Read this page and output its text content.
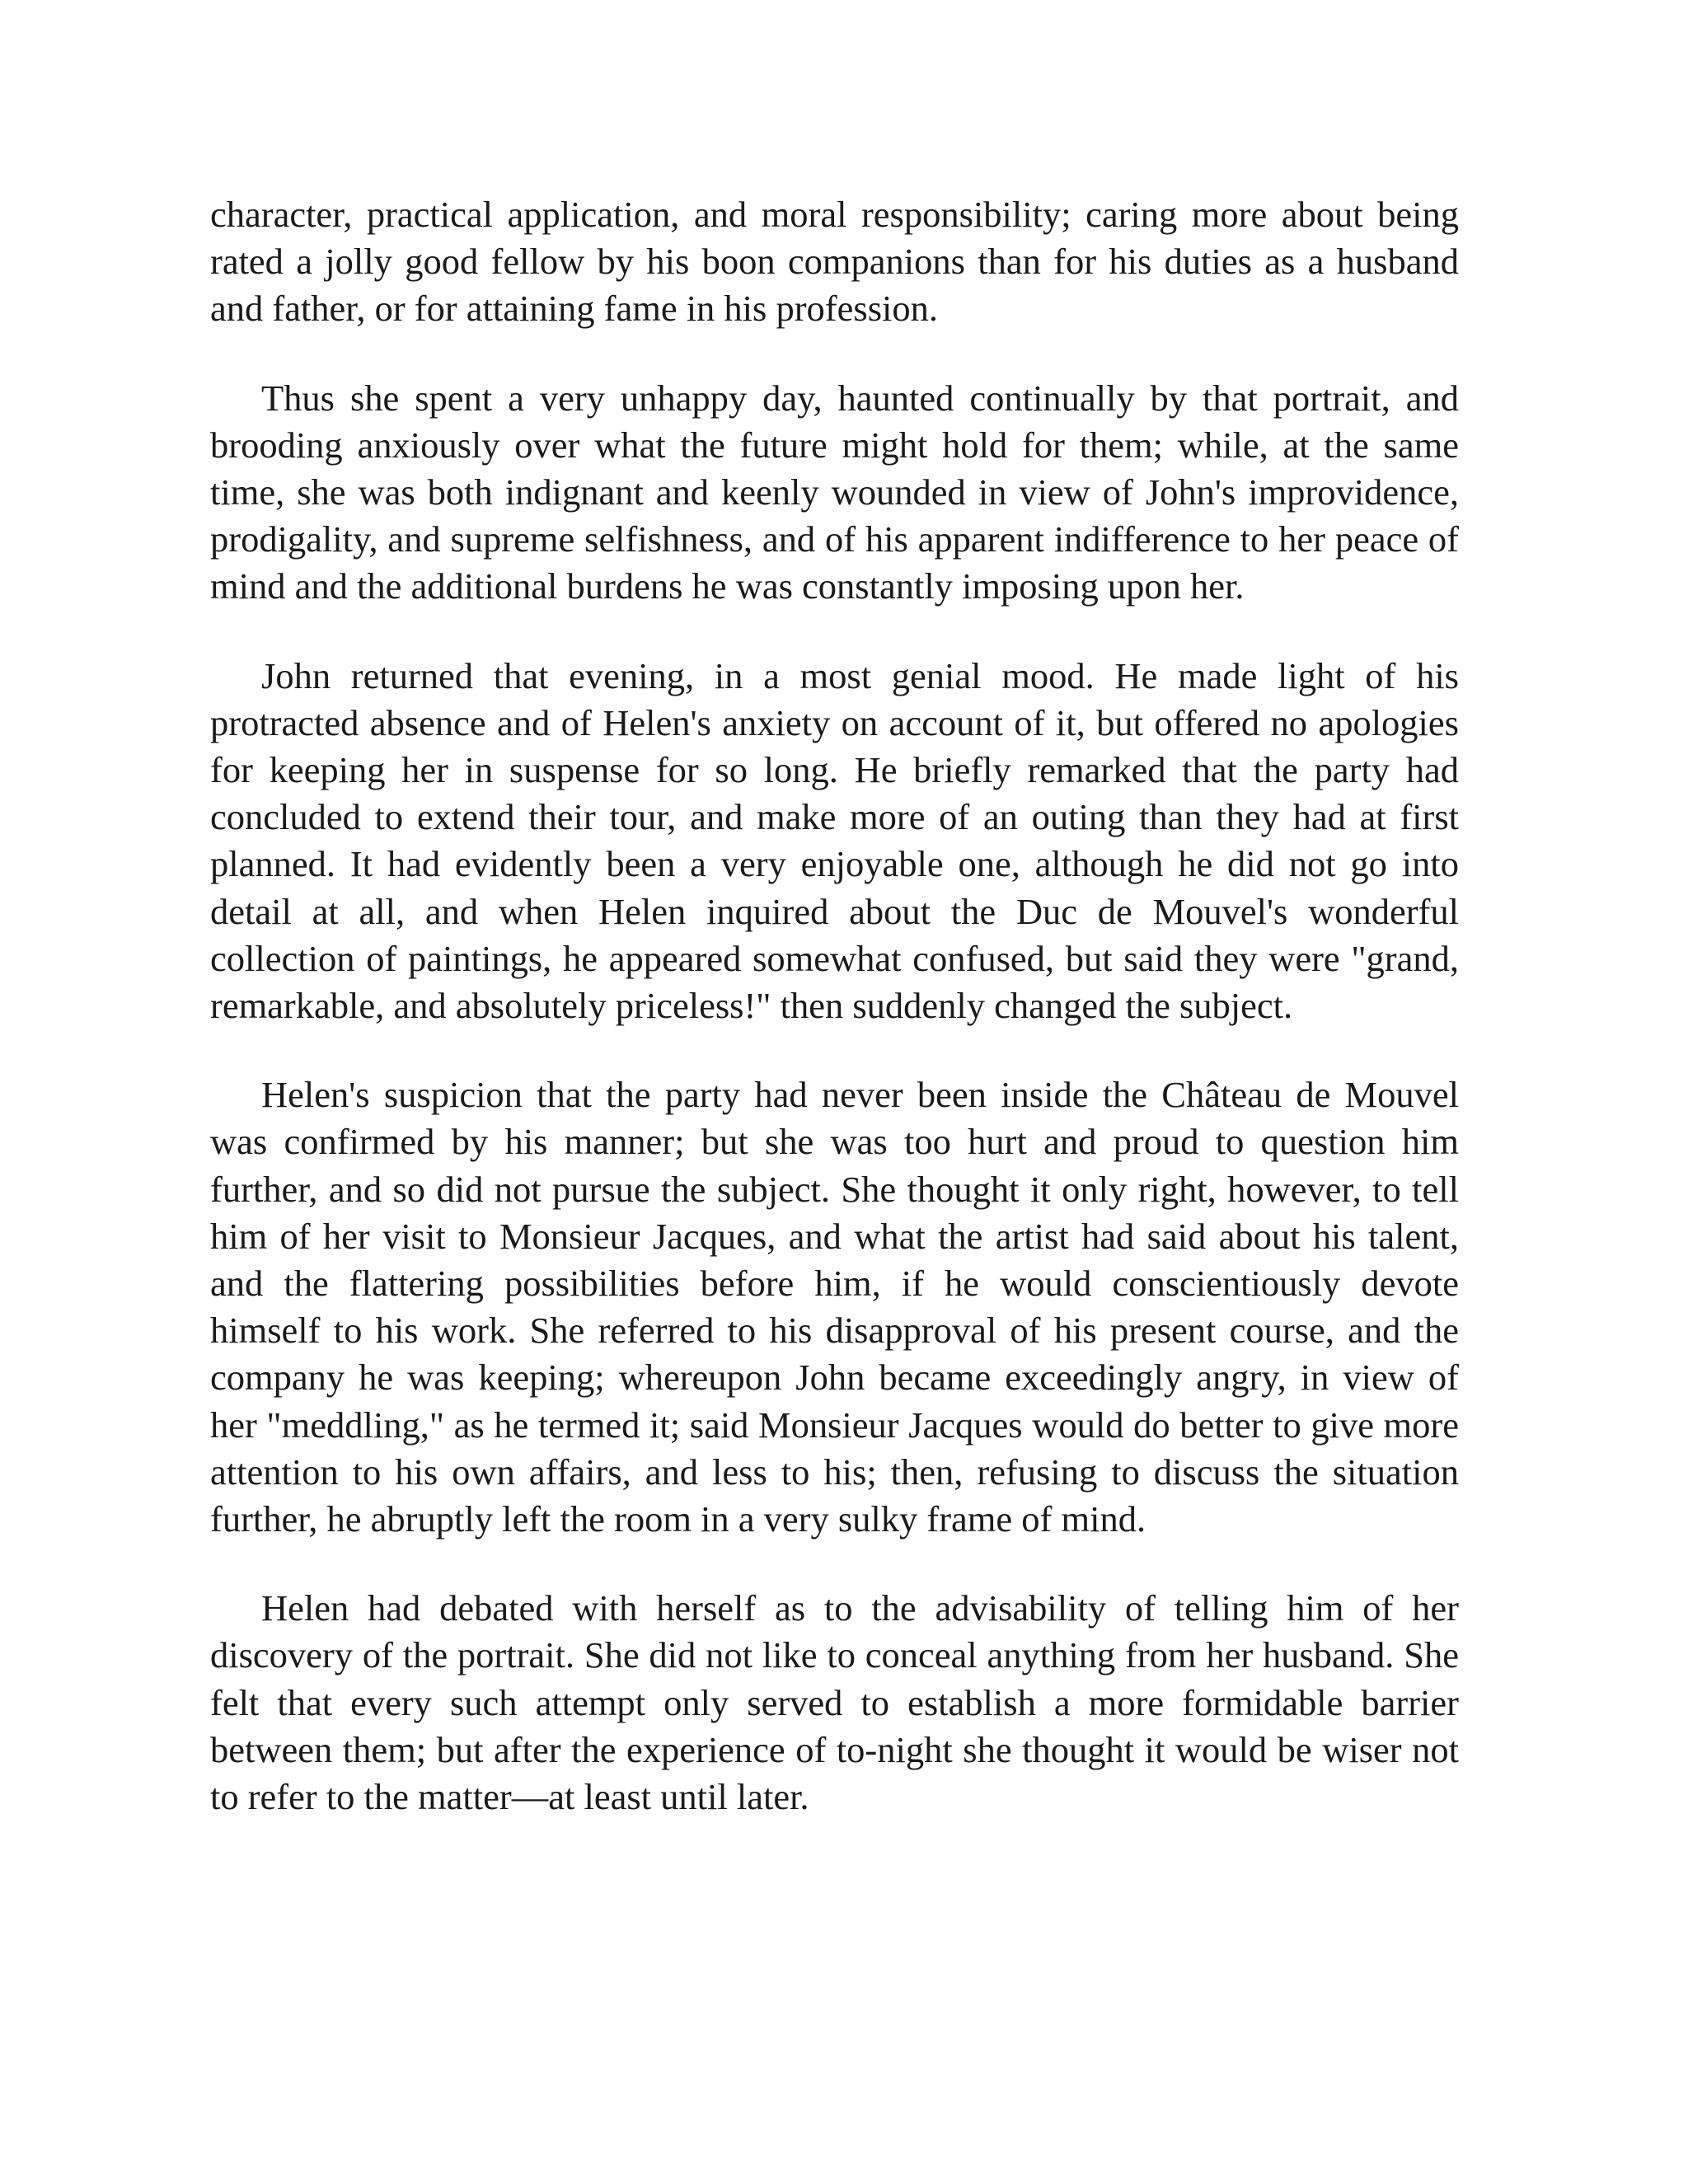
character, practical application, and moral responsibility; caring more about being rated a jolly good fellow by his boon companions than for his duties as a husband and father, or for attaining fame in his profession.

Thus she spent a very unhappy day, haunted continually by that portrait, and brooding anxiously over what the future might hold for them; while, at the same time, she was both indignant and keenly wounded in view of John's improvidence, prodigality, and supreme selfishness, and of his apparent indifference to her peace of mind and the additional burdens he was constantly imposing upon her.

John returned that evening, in a most genial mood. He made light of his protracted absence and of Helen's anxiety on account of it, but offered no apologies for keeping her in suspense for so long. He briefly remarked that the party had concluded to extend their tour, and make more of an outing than they had at first planned. It had evidently been a very enjoyable one, although he did not go into detail at all, and when Helen inquired about the Duc de Mouvel's wonderful collection of paintings, he appeared somewhat confused, but said they were "grand, remarkable, and absolutely priceless!" then suddenly changed the subject.

Helen's suspicion that the party had never been inside the Château de Mouvel was confirmed by his manner; but she was too hurt and proud to question him further, and so did not pursue the subject. She thought it only right, however, to tell him of her visit to Monsieur Jacques, and what the artist had said about his talent, and the flattering possibilities before him, if he would conscientiously devote himself to his work. She referred to his disapproval of his present course, and the company he was keeping; whereupon John became exceedingly angry, in view of her "meddling," as he termed it; said Monsieur Jacques would do better to give more attention to his own affairs, and less to his; then, refusing to discuss the situation further, he abruptly left the room in a very sulky frame of mind.

Helen had debated with herself as to the advisability of telling him of her discovery of the portrait. She did not like to conceal anything from her husband. She felt that every such attempt only served to establish a more formidable barrier between them; but after the experience of to-night she thought it would be wiser not to refer to the matter—at least until later.
